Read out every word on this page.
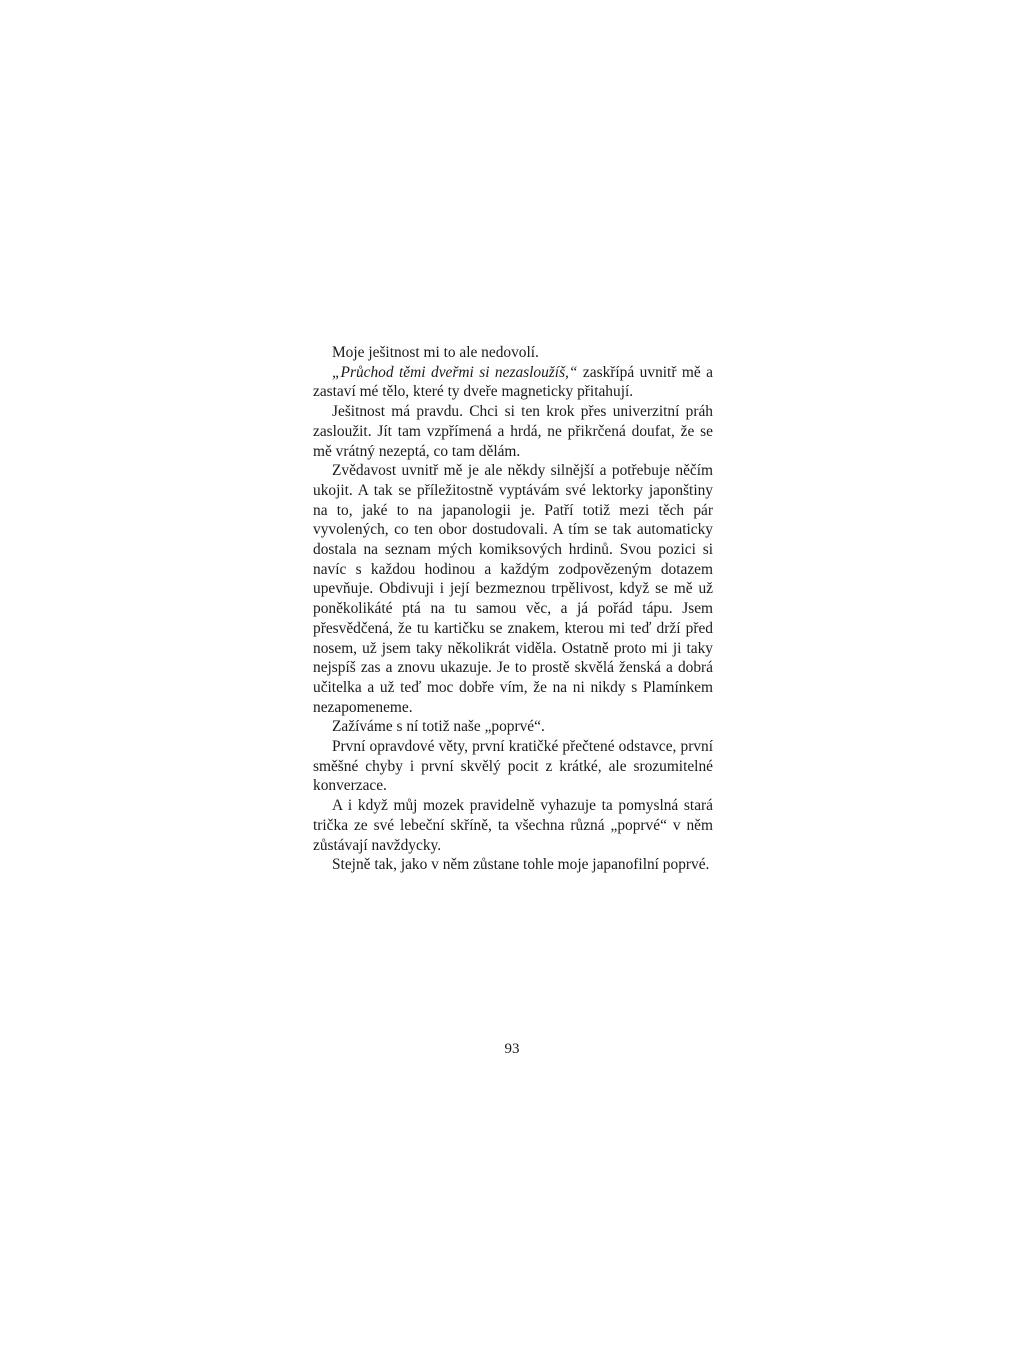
Moje ješitnost mi to ale nedovolí.

„Průchod těmi dveřmi si nezasloužíš,“ zaskřípá uvnitř mě a zastaví mé tělo, které ty dveře magneticky přitahují.

Ješitnost má pravdu. Chci si ten krok přes univerzitní práh zasloužit. Jít tam vzpřímená a hrdá, ne přikrčená doufat, že se mě vrátný nezeptá, co tam dělám.

Zvědavost uvnitř mě je ale někdy silnější a potřebuje něčím ukojit. A tak se příležitostně vyptávám své lektorky japonštiny na to, jaké to na japanologii je. Patří totiž mezi těch pár vyvolených, co ten obor dostudovali. A tím se tak automaticky dostala na seznam mých komiksových hrdinů. Svou pozici si navíc s každou hodinou a každým zodpovězeným dotazem upevňuje. Obdivuji i její bezmeznou trpělivost, když se mě už poněkolikáté ptá na tu samou věc, a já pořád tápu. Jsem přesvědčená, že tu kartičku se znakem, kterou mi teď drží před nosem, už jsem taky několikrát viděla. Ostatně proto mi ji taky nejspíš zas a znovu ukazuje. Je to prostě skvělá ženská a dobrá učitelka a už teď moc dobře vím, že na ni nikdy s Plamínkem nezapomeneme.

Zažíváme s ní totiž naše „poprvé“.

První opravdové věty, první kratičké přečtené odstavce, první směšné chyby i první skvělý pocit z krátké, ale srozumitelné konverzace.

A i když můj mozek pravidelně vyhazuje ta pomyslná stará trička ze své lebeční skříně, ta všechna různá „poprvé“ v něm zůstávají navždycky.

Stejně tak, jako v něm zůstane tohle moje japanofilní poprvé.

93
